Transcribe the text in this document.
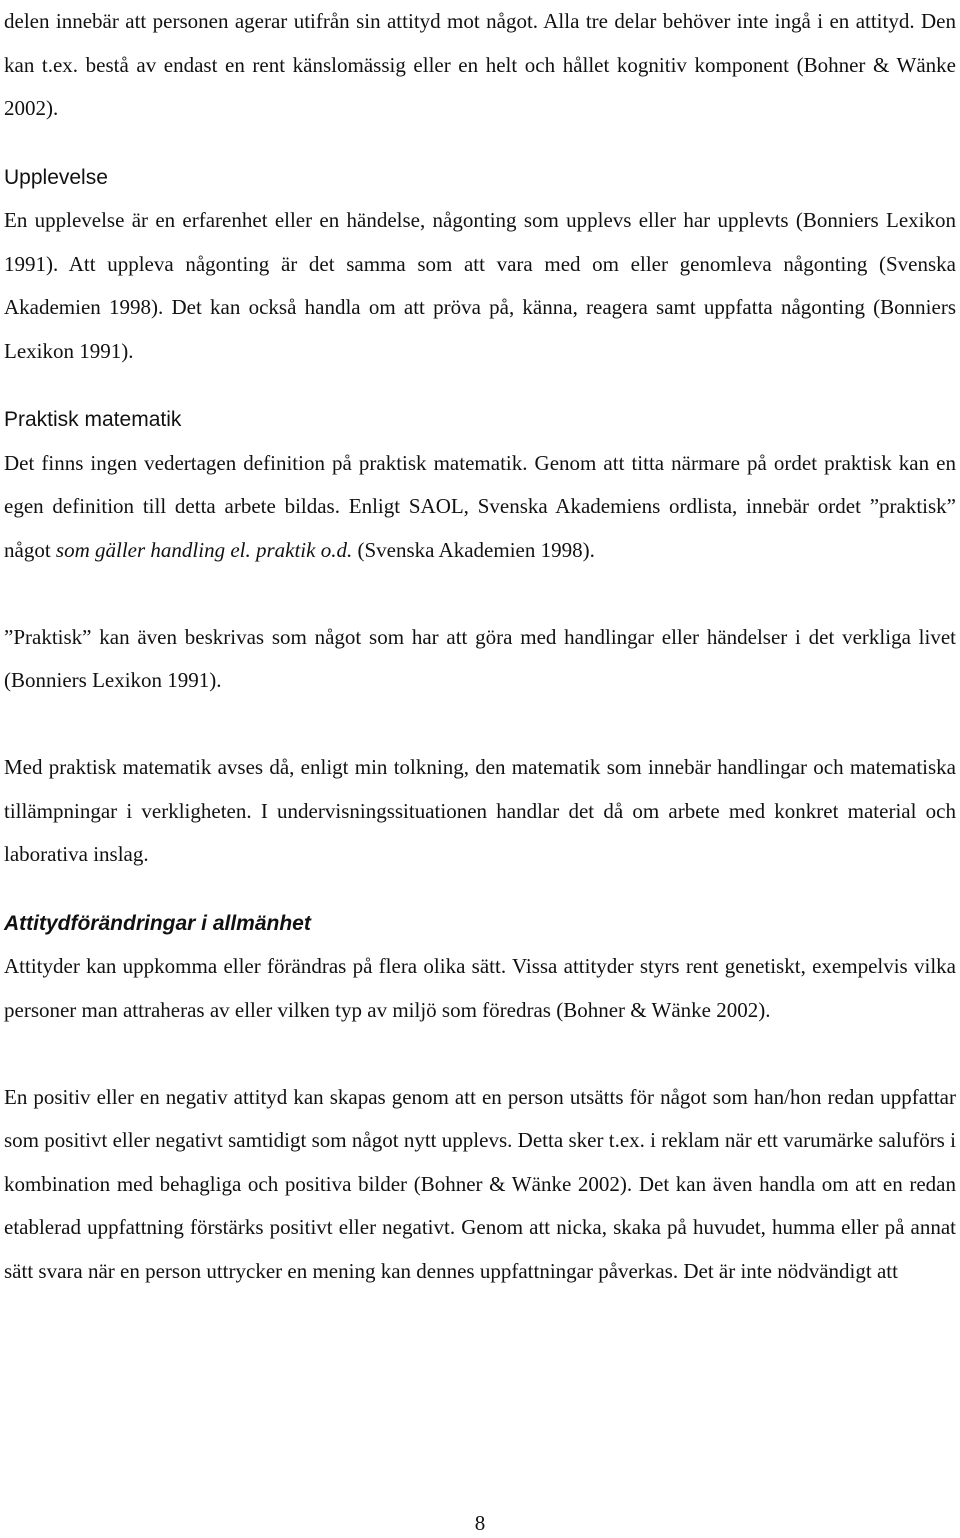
delen innebär att personen agerar utifrån sin attityd mot något. Alla tre delar behöver inte ingå i en attityd. Den kan t.ex. bestå av endast en rent känslomässig eller en helt och hållet kognitiv komponent (Bohner & Wänke 2002).

Upplevelse

En upplevelse är en erfarenhet eller en händelse, någonting som upplevs eller har upplevts (Bonniers Lexikon 1991). Att uppleva någonting är det samma som att vara med om eller genomleva någonting (Svenska Akademien 1998). Det kan också handla om att pröva på, känna, reagera samt uppfatta någonting (Bonniers Lexikon 1991).

Praktisk matematik

Det finns ingen vedertagen definition på praktisk matematik. Genom att titta närmare på ordet praktisk kan en egen definition till detta arbete bildas. Enligt SAOL, Svenska Akademiens ordlista, innebär ordet ”praktisk” något som gäller handling el. praktik o.d. (Svenska Akademien 1998).

”Praktisk” kan även beskrivas som något som har att göra med handlingar eller händelser i det verkliga livet (Bonniers Lexikon 1991).

Med praktisk matematik avses då, enligt min tolkning, den matematik som innebär handlingar och matematiska tillämpningar i verkligheten. I undervisningssituationen handlar det då om arbete med konkret material och laborativa inslag.

Attitydförändringar i allmänhet

Attityder kan uppkomma eller förändras på flera olika sätt. Vissa attityder styrs rent genetiskt, exempelvis vilka personer man attraheras av eller vilken typ av miljö som föredras (Bohner & Wänke 2002).

En positiv eller en negativ attityd kan skapas genom att en person utsätts för något som han/hon redan uppfattar som positivt eller negativt samtidigt som något nytt upplevs. Detta sker t.ex. i reklam när ett varumärke saluförs i kombination med behagliga och positiva bilder (Bohner & Wänke 2002). Det kan även handla om att en redan etablerad uppfattning förstärks positivt eller negativt. Genom att nicka, skaka på huvudet, humma eller på annat sätt svara när en person uttrycker en mening kan dennes uppfattningar påverkas. Det är inte nödvändigt att

8
